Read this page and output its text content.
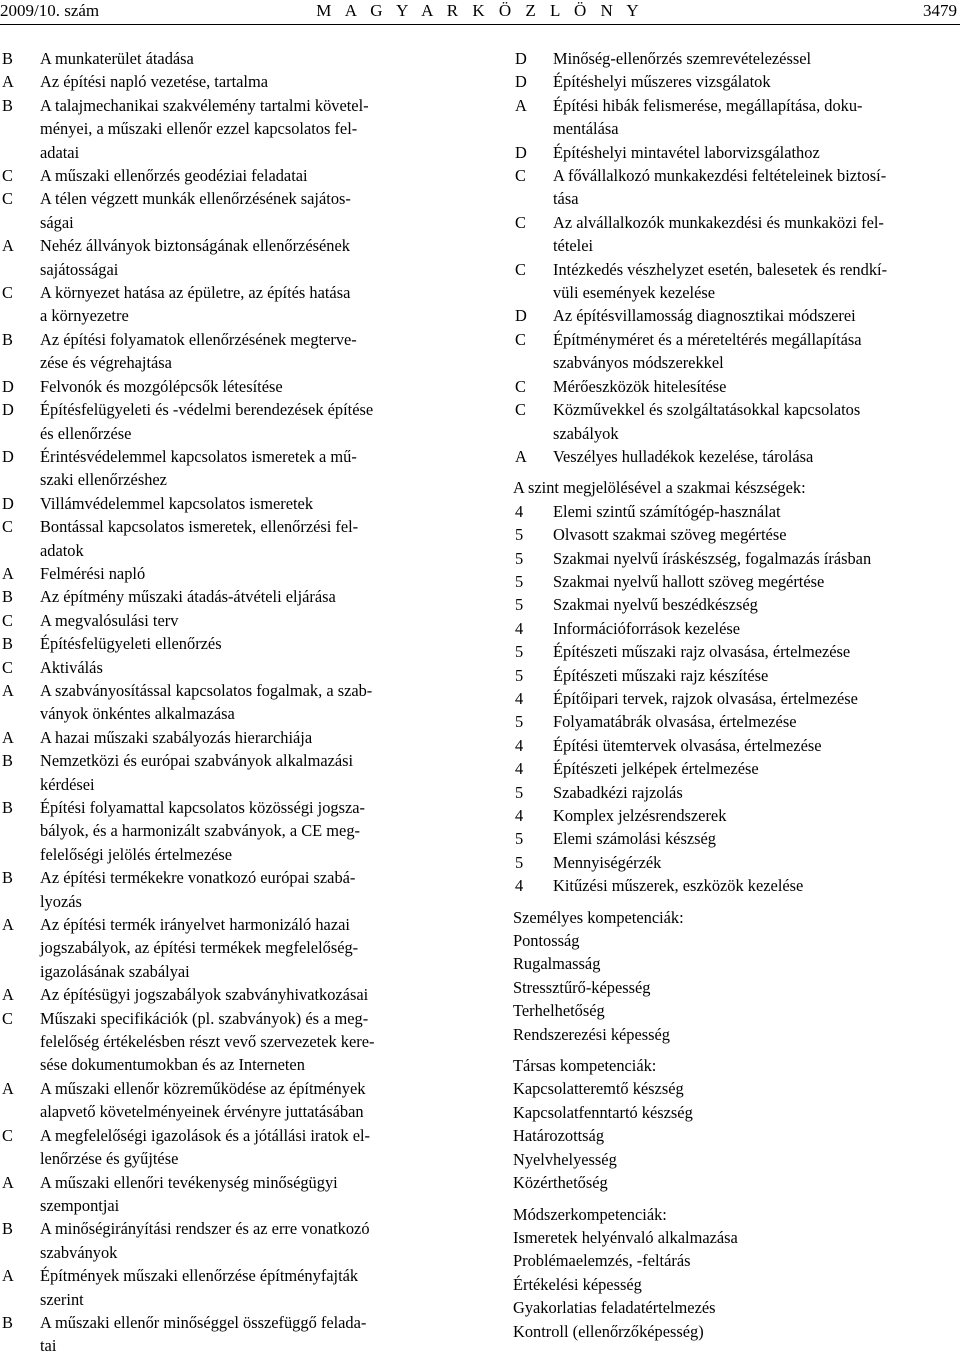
2009/10. szám	M A G Y A R K Ö Z L Ö N Y	3479
B	A munkaterület átadása
A	Az építési napló vezetése, tartalma
B	A talajmechanikai szakvélemény tartalmi követel-
ményei, a műszaki ellenőr ezzel kapcsolatos fel-
adatai
C	A műszaki ellenőrzés geodéziai feladatai
C	A télen végzett munkák ellenőrzésének sajátos-
ságai
A	Nehéz állványok biztonságának ellenőrzésének
sajátosságai
C	A környezet hatása az épületre, az építés hatása
a környezetre
B	Az építési folyamatok ellenőrzésének megterve-
zése és végrehajtása
D	Felvonók és mozgólépcsők létesítése
D	Építésfelügyeleti és -védelmi berendezések építése
és ellenőrzése
D	Érintésvédelemmel kapcsolatos ismeretek a mű-
szaki ellenőrzéshez
D	Villámvédelemmel kapcsolatos ismeretek
C	Bontással kapcsolatos ismeretek, ellenőrzési fel-
adatok
A	Felmérési napló
B	Az építmény műszaki átadás-átvételi eljárása
C	A megvalósulási terv
B	Építésfelügyeleti ellenőrzés
C	Aktiválás
A	A szabványosítással kapcsolatos fogalmak, a szab-
ványok önkéntes alkalmazása
A	A hazai műszaki szabályozás hierarchiája
B	Nemzetközi és európai szabványok alkalmazási
kérdései
B	Építési folyamattal kapcsolatos közösségi jogsza-
bályok, és a harmonizált szabványok, a CE meg-
felelőségi jelölés értelmezése
B	Az építési termékekre vonatkozó európai szabá-
lyozás
A	Az építési termék irányelvet harmonizáló hazai
jogszabályok, az építési termékek megfelelőség-
igazolásának szabályai
A	Az építésügyi jogszabályok szabványhivatkozásai
C	Műszaki specifikációk (pl. szabványok) és a meg-
felelőség értékelésben részt vevő szervezetek kere-
sése dokumentumokban és az Interneten
A	A műszaki ellenőr közreműködése az építmények
alapvető követelményeinek érvényre juttatásában
C	A megfelelőségi igazolások és a jótállási iratok el-
lenőrzése és gyűjtése
A	A műszaki ellenőri tevékenység minőségügyi
szempontjai
B	A minőségirányítási rendszer és az erre vonatkozó
szabványok
A	Építmények műszaki ellenőrzése építményfajták
szerint
B	A műszaki ellenőr minőséggel összefüggő felada-
tai
D	Minőség-ellenőrzés szemrevételezéssel
D	Építéshelyi műszeres vizsgálatok
A	Építési hibák felismerése, megállapítása, doku-
mentálása
D	Építéshelyi mintavétel laborvizsgálathoz
C	A fővállalkozó munkakezdési feltételeinek biztosí-
tása
C	Az alvállalkozók munkakezdési és munkaközi fel-
tételei
C	Intézkedés vészhelyzet esetén, balesetek és rendkí-
vüli események kezelése
D	Az építésvillamosság diagnosztikai módszerei
C	Építményméret és a méreteltérés megállapítása
szabványos módszerekkel
C	Mérőeszközök hitelesítése
C	Közművekkel és szolgáltatásokkal kapcsolatos
szabályok
A	Veszélyes hulladékok kezelése, tárolása
A szint megjelölésével a szakmai készségek:
4	Elemi szintű számítógép-használat
5	Olvasott szakmai szöveg megértése
5	Szakmai nyelvű íráskészség, fogalmazás írásban
5	Szakmai nyelvű hallott szöveg megértése
5	Szakmai nyelvű beszédkészség
4	Információforrások kezelése
5	Építészeti műszaki rajz olvasása, értelmezése
5	Építészeti műszaki rajz készítése
4	Építőipari tervek, rajzok olvasása, értelmezése
5	Folyamatábrák olvasása, értelmezése
4	Építési ütemtervek olvasása, értelmezése
4	Építészeti jelképek értelmezése
5	Szabadkézi rajzolás
4	Komplex jelzésrendszerek
5	Elemi számolási készség
5	Mennyiségérzék
4	Kitűzési műszerek, eszközök kezelése
Személyes kompetenciák:
Pontosság
Rugalmasság
Stressztűrő-képesség
Terhelhetőség
Rendszerezési képesség
Társas kompetenciák:
Kapcsolatteremtő készség
Kapcsolatfenntartó készség
Határozottság
Nyelvhelyesség
Közérthetőség
Módszerkompetenciák:
Ismeretek helyénvaló alkalmazása
Problémaelemzés, -feltárás
Értékelési képesség
Gyakorlatias feladatértelmezés
Kontroll (ellenőrzőképesség)
